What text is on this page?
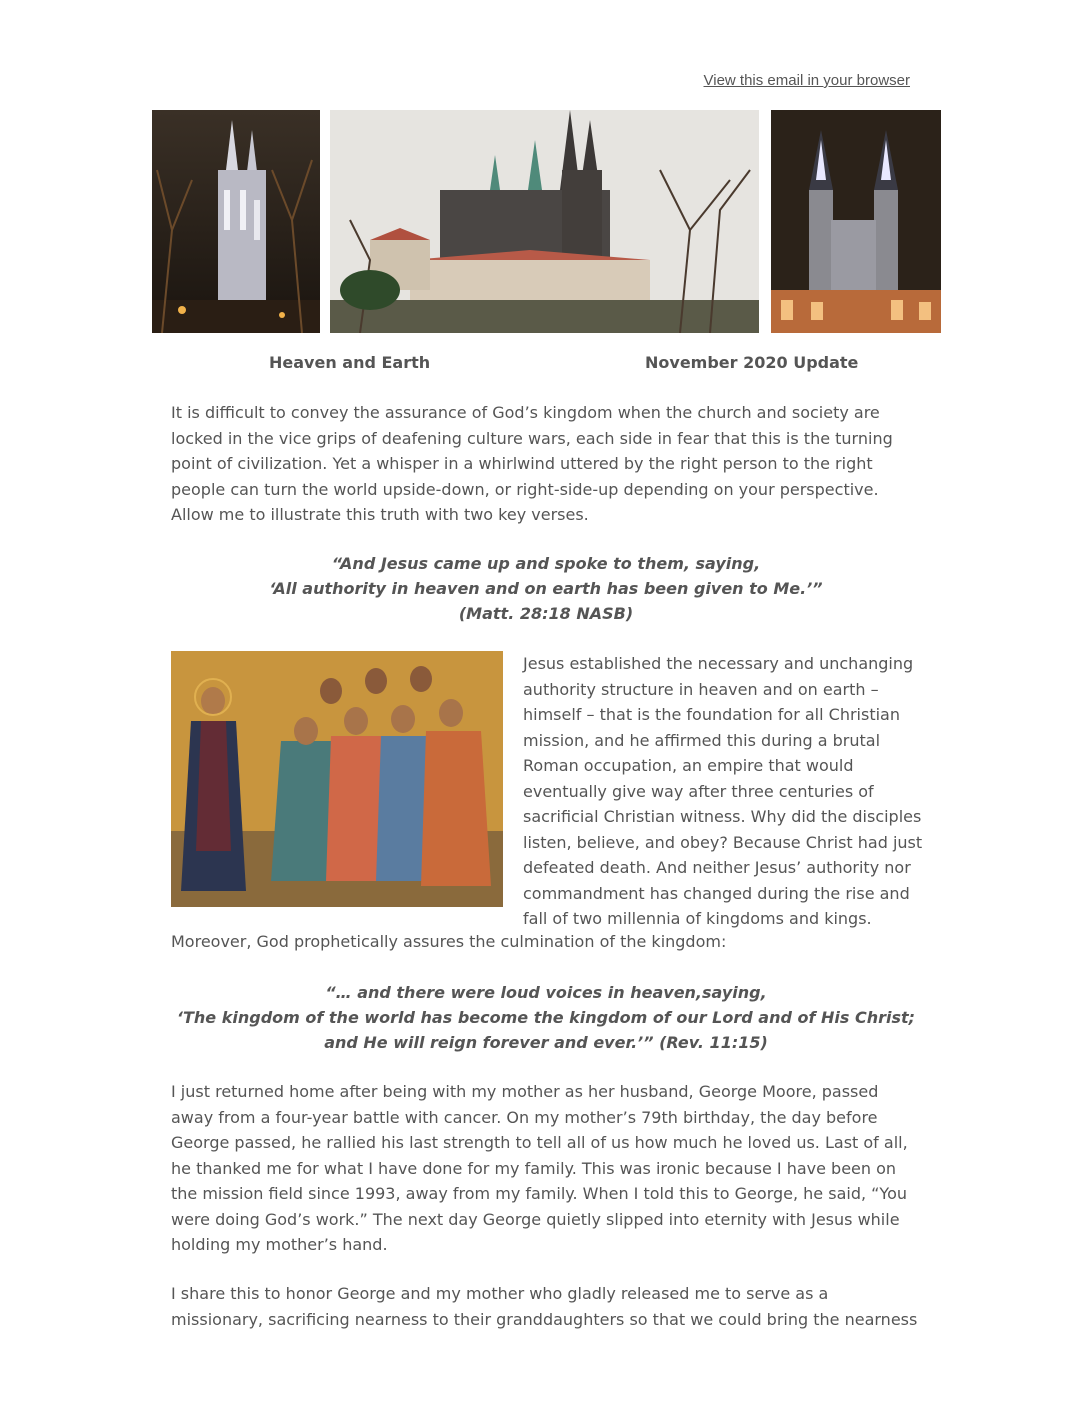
View this email in your browser
Heaven and Earth	November 2020 Update

It is difficult to convey the assurance of God’s kingdom when the church and society are locked in the vice grips of deafening culture wars, each side in fear that this is the turning point of civilization. Yet a whisper in a whirlwind uttered by the right person to the right people can turn the world upside-down, or right-side-up depending on your perspective. Allow me to illustrate this truth with two key verses.

“And Jesus came up and spoke to them, saying,
‘All authority in heaven and on earth has been given to Me.’”
(Matt. 28:18 NASB)

Jesus established the necessary and unchanging authority structure in heaven and on earth – himself – that is the foundation for all Christian mission, and he affirmed this during a brutal Roman occupation, an empire that would eventually give way after three centuries of sacrificial Christian witness. Why did the disciples listen, believe, and obey? Because Christ had just defeated death. And neither Jesus’ authority nor commandment has changed during the rise and fall of two millennia of kingdoms and kings.

Moreover, God prophetically assures the culmination of the kingdom:

“… and there were loud voices in heaven,saying,
‘The kingdom of the world has become the kingdom of our Lord and of His Christ;
and He will reign forever and ever.’” (Rev. 11:15)

I just returned home after being with my mother as her husband, George Moore, passed away from a four-year battle with cancer. On my mother’s 79th birthday, the day before George passed, he rallied his last strength to tell all of us how much he loved us. Last of all, he thanked me for what I have done for my family. This was ironic because I have been on the mission field since 1993, away from my family. When I told this to George, he said, “You were doing God’s work.” The next day George quietly slipped into eternity with Jesus while holding my mother’s hand.

I share this to honor George and my mother who gladly released me to serve as a missionary, sacrificing nearness to their granddaughters so that we could bring the nearness
